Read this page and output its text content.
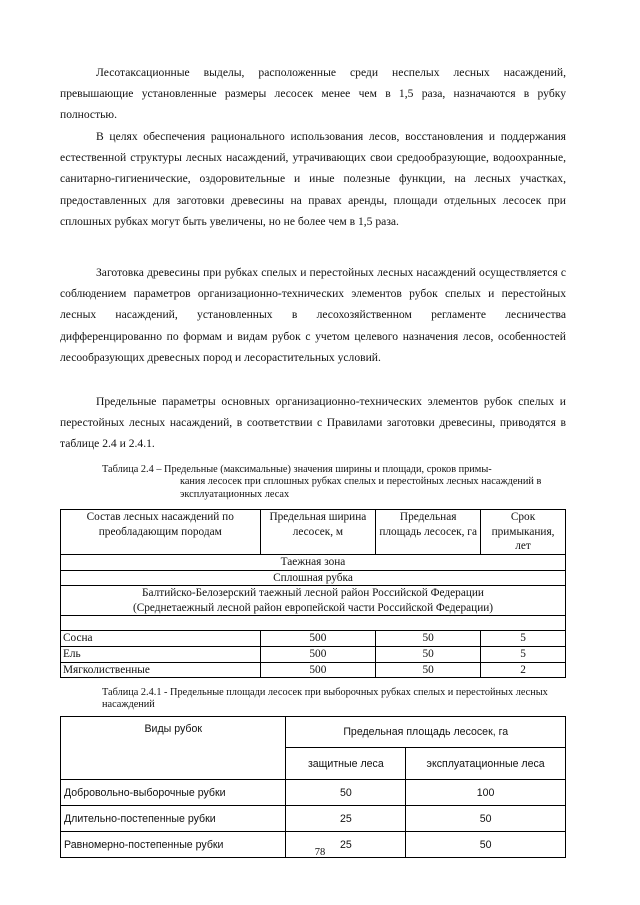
Лесотаксационные выделы, расположенные среди неспелых лесных насаждений, превышающие установленные размеры лесосек менее чем в 1,5 раза, назначаются в рубку полностью.

В целях обеспечения рационального использования лесов, восстановления и поддержания естественной структуры лесных насаждений, утрачивающих свои средообразующие, водоохранные, санитарно-гигиенические, оздоровительные и иные полезные функции, на лесных участках, предоставленных для заготовки древесины на правах аренды, площади отдельных лесосек при сплошных рубках могут быть увеличены, но не более чем в 1,5 раза.

Заготовка древесины при рубках спелых и перестойных лесных насаждений осуществляется с соблюдением параметров организационно-технических элементов рубок спелых и перестойных лесных насаждений, установленных в лесохозяйственном регламенте лесничества дифференцированно по формам и видам рубок с учетом целевого назначения лесов, особенностей лесообразующих древесных пород и лесорастительных условий.

Предельные параметры основных организационно-технических элементов рубок спелых и перестойных лесных насаждений, в соответствии с Правилами заготовки древесины, приводятся в таблице 2.4 и 2.4.1.

Таблица 2.4 – Предельные (максимальные) значения ширины и площади, сроков примы-
кания лесосек при сплошных рубках спелых и перестойных лесных насаждений в эксплуатационных лесах

Состав лесных насаждений по преобладающим породам	Предельная ширина лесосек, м	Предельная площадь лесосек, га	Срок примыкания, лет
Таежная зона			
Сплошная рубка			

Балтийско-Белозерский таежный лесной район Российской Федерации
(Среднетаежный лесной район европейской части Российской Федерации)			

Сосна	500	50	5
Ель	500	50	5
Мягколиственные	500	50	2

Таблица 2.4.1 - Предельные площади лесосек при выборочных рубках спелых и перестойных лесных насаждений

Виды рубок	Предельная площадь лесосек, га	
	защитные леса	эксплуатационные леса
Добровольно-выборочные рубки	50	100
Длительно-постепенные рубки	25	50
Равномерно-постепенные рубки	25	50
78
